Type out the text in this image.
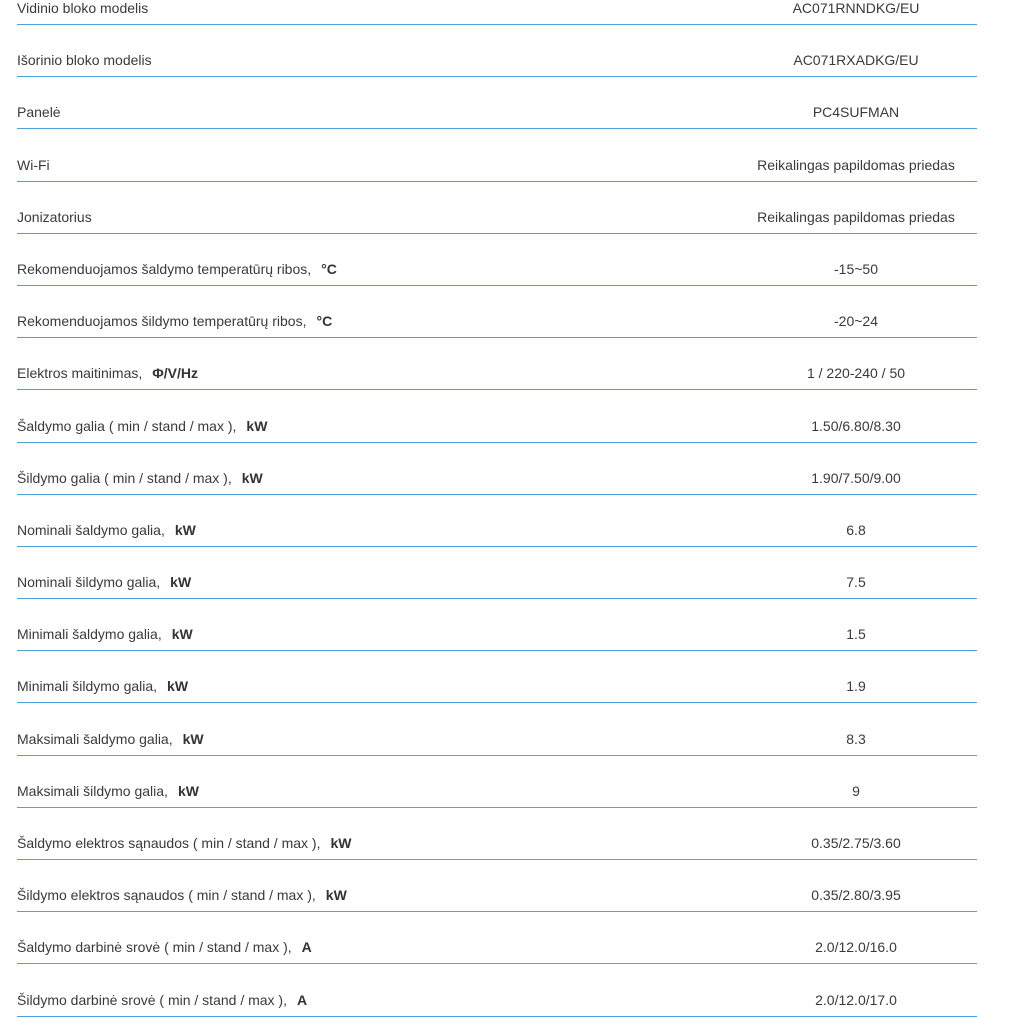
Vidinio bloko modelis	AC071RNNDKG/EU
Išorinio bloko modelis	AC071RXADKG/EU
Panelė	PC4SUFMAN
Wi-Fi	Reikalingas papildomas priedas
Jonizatorius	Reikalingas papildomas priedas
Rekomenduojamos šaldymo temperatūrų ribos, °C	-15~50
Rekomenduojamos šildymo temperatūrų ribos, °C	-20~24
Elektros maitinimas, Φ/V/Hz	1 / 220-240 / 50
Šaldymo galia ( min / stand / max ), kW	1.50/6.80/8.30
Šildymo galia ( min / stand / max ), kW	1.90/7.50/9.00
Nominali šaldymo galia, kW	6.8
Nominali šildymo galia, kW	7.5
Minimali šaldymo galia, kW	1.5
Minimali šildymo galia, kW	1.9
Maksimali šaldymo galia, kW	8.3
Maksimali šildymo galia, kW	9
Šaldymo elektros sąnaudos ( min / stand / max ), kW	0.35/2.75/3.60
Šildymo elektros sąnaudos ( min / stand / max ), kW	0.35/2.80/3.95
Šaldymo darbinė srovė ( min / stand / max ), A	2.0/12.0/16.0
Šildymo darbinė srovė ( min / stand / max ), A	2.0/12.0/17.0
